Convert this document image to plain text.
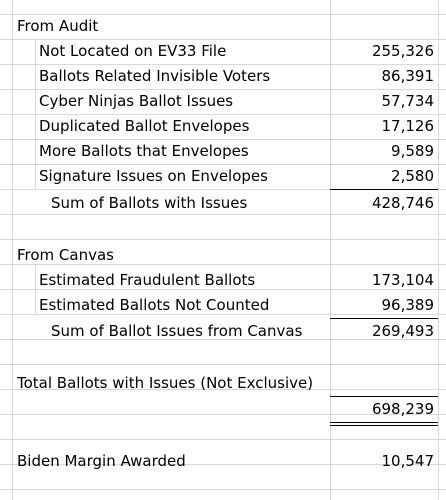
From Audit
Not Located on EV33 File	255,326
Ballots Related Invisible Voters	86,391
Cyber Ninjas Ballot Issues	57,734
Duplicated Ballot Envelopes	17,126
More Ballots that Envelopes	9,589
Signature Issues on Envelopes	2,580
Sum of Ballots with Issues	428,746
From Canvas
Estimated Fraudulent Ballots	173,104
Estimated Ballots Not Counted	96,389
Sum of Ballot Issues from Canvas	269,493
Total Ballots with Issues (Not Exclusive)
698,239
Biden Margin Awarded	10,547
